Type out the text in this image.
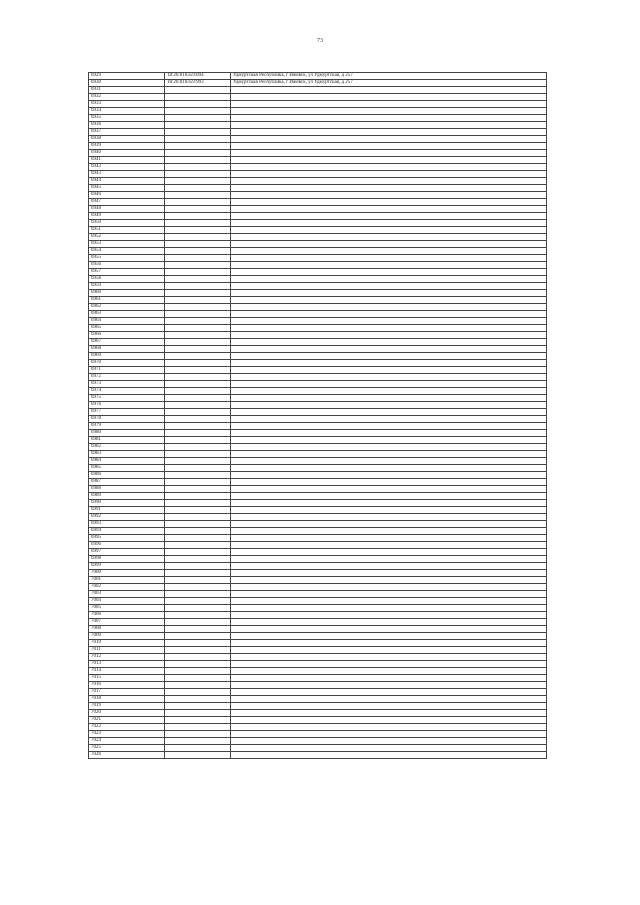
73
6929	18:26:010359:894	Удмуртская Республика, г Ижевск, ул Удмуртская, д 257
6930	18:26:010359:993	Удмуртская Республика, г Ижевск, ул Удмуртская, д 257
6931		
6932		
6933		
6934		
6935		
6936		
6937		
6938		
6939		
6940		
6941		
6942		
6943		
6944		
6945		
6946		
6947		
6948		
6949		
6950		
6951		
6952		
6953		
6954		
6955		
6956		
6957		
6958		
6959		
6960		
6961		
6962		
6963		
6964		
6965		
6966		
6967		
6968		
6969		
6970		
6971		
6972		
6973		
6974		
6975		
6976		
6977		
6978		
6979		
6980		
6981		
6982		
6983		
6984		
6985		
6986		
6987		
6988		
6989		
6990		
6991		
6992		
6993		
6994		
6995		
6996		
6997		
6998		
6999		
7000		
7001		
7002		
7003		
7004		
7005		
7006		
7007		
7008		
7009		
7010		
7011		
7012		
7013		
7014		
7015		
7016		
7017		
7018		
7019		
7020		
7021		
7022		
7023		
7024		
7025		
7026		
